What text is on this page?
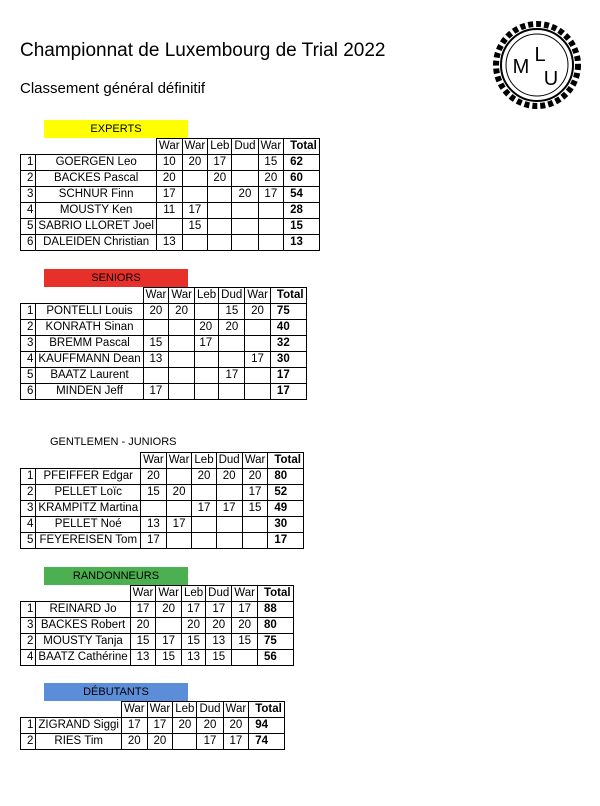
Championnat de Luxembourg de Trial 2022
Classement général définitif
M
L
U
EXPERTS
		War	War	Leb	Dud	War	Total
1	GOERGEN Leo	10	20	17		15	62
2	BACKES Pascal	20		20		20	60
3	SCHNUR Finn	17			20	17	54
4	MOUSTY Ken	11	17				28
5	SABRIO LLORET Joel		15				15
6	DALEIDEN Christian	13					13
SENIORS
		War	War	Leb	Dud	War	Total
1	PONTELLI Louis	20	20		15	20	75
2	KONRATH Sinan			20	20		40
3	BREMM Pascal	15		17			32
4	KAUFFMANN Dean	13				17	30
5	BAATZ Laurent				17		17
6	MINDEN Jeff	17					17
GENTLEMEN - JUNIORS
		War	War	Leb	Dud	War	Total
1	PFEIFFER Edgar	20		20	20	20	80
2	PELLET Loïc	15	20			17	52
3	KRAMPITZ Martina			17	17	15	49
4	PELLET Noé	13	17				30
5	FEYEREISEN Tom	17					17
RANDONNEURS
		War	War	Leb	Dud	War	Total
1	REINARD Jo	17	20	17	17	17	88
3	BACKES Robert	20		20	20	20	80
2	MOUSTY Tanja	15	17	15	13	15	75
4	BAATZ Cathérine	13	15	13	15		56
DÉBUTANTS
		War	War	Leb	Dud	War	Total
1	ZIGRAND Siggi	17	17	20	20	20	94
2	RIES Tim	20	20		17	17	74
